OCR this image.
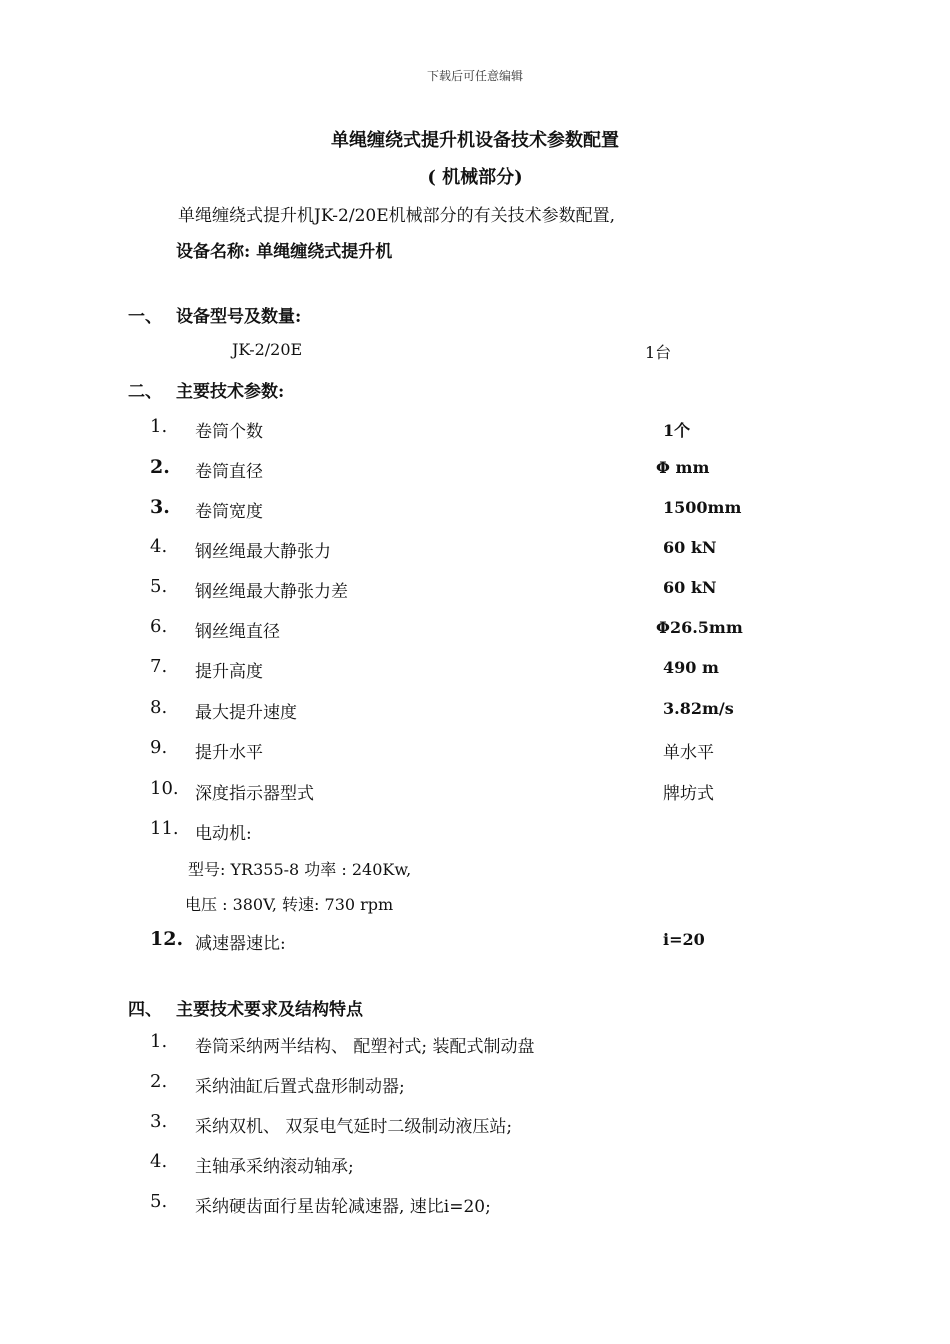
下载后可任意编辑
单绳缠绕式提升机设备技术参数配置
( 机械部分)
单绳缠绕式提升机JK-2/20E机械部分的有关技术参数配置,
设备名称: 单绳缠绕式提升机
一、 设备型号及数量:
JK-2/20E	1台
二、 主要技术参数:
1. 卷筒个数	1个
2. 卷筒直径	Φ mm
3. 卷筒宽度	1500mm
4. 钢丝绳最大静张力	60 kN
5. 钢丝绳最大静张力差	60 kN
6. 钢丝绳直径	Φ26.5mm
7. 提升高度	490 m
8. 最大提升速度	3.82m/s
9. 提升水平	单水平
10. 深度指示器型式	牌坊式
11. 电动机:
型号: YR355-8 功率 : 240Kw,
电压 : 380V, 转速: 730 rpm
12. 减速器速比:	i=20
四、 主要技术要求及结构特点
1. 卷筒采纳两半结构、 配塑衬式; 装配式制动盘
2. 采纳油缸后置式盘形制动器;
3. 采纳双机、 双泵电气延时二级制动液压站;
4. 主轴承采纳滚动轴承;
5. 采纳硬齿面行星齿轮减速器, 速比i=20;
